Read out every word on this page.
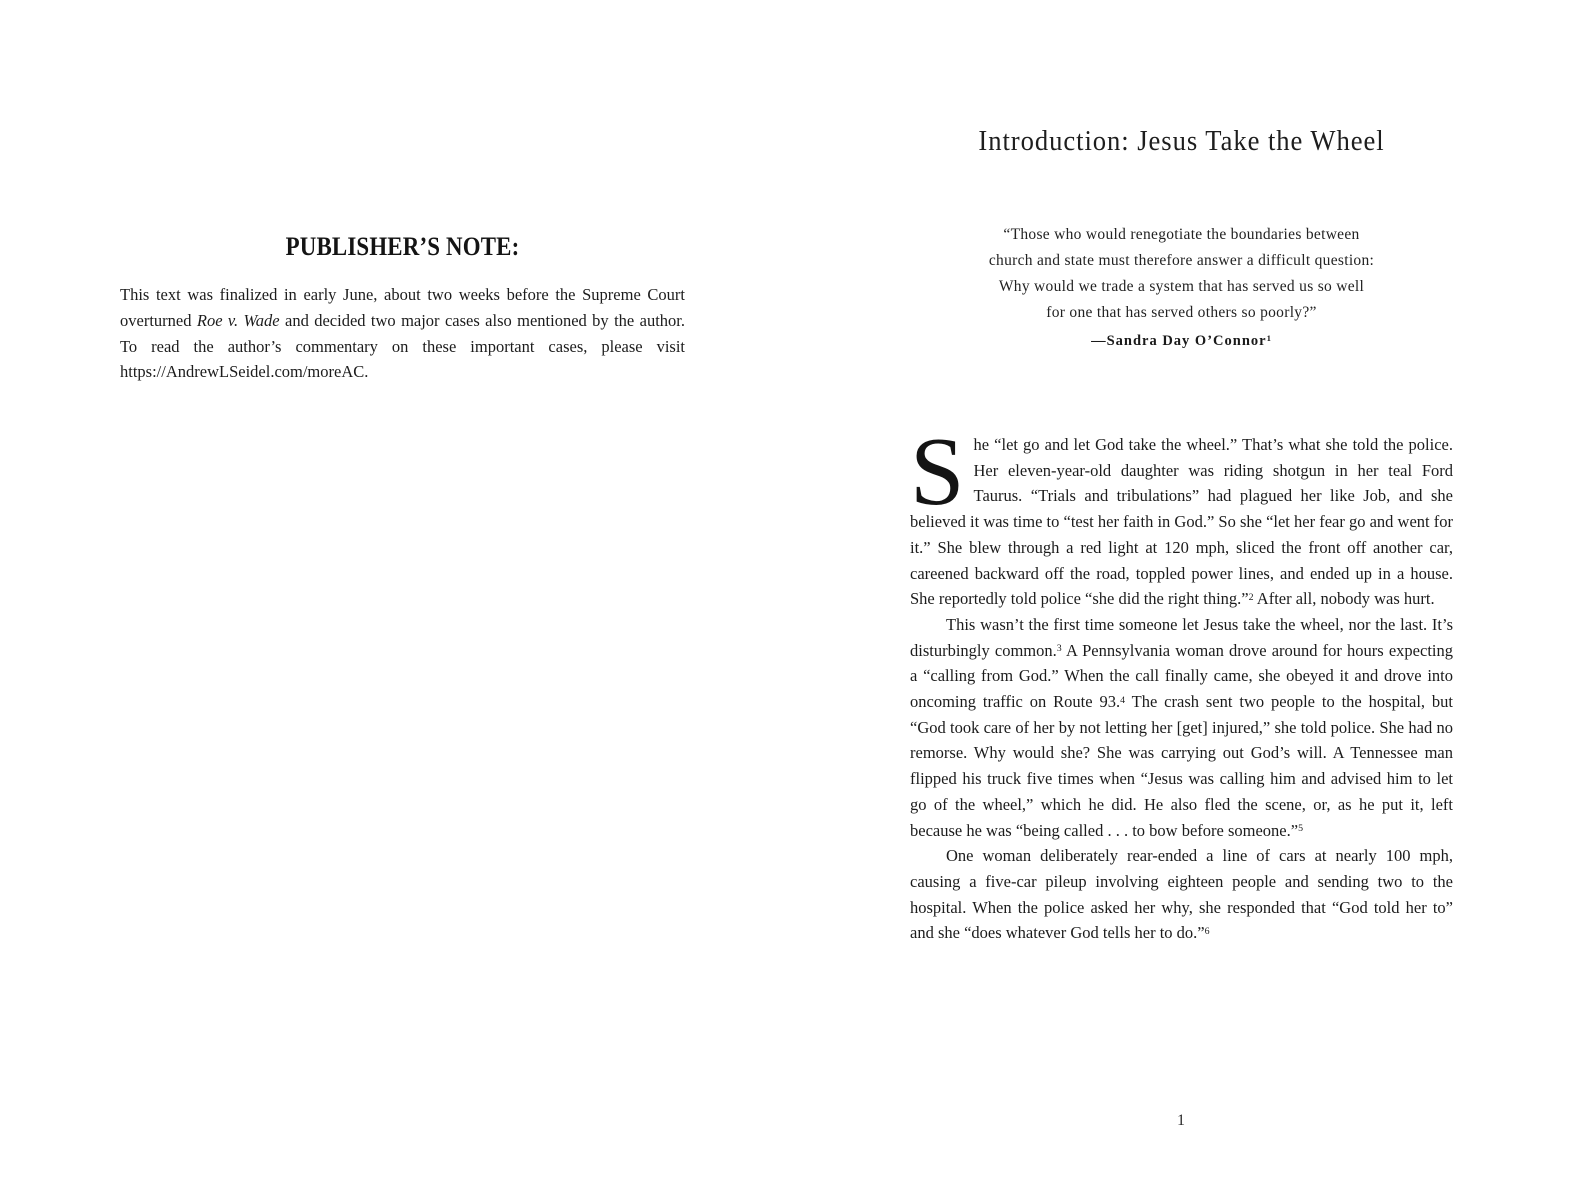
PUBLISHER’S NOTE:

This text was finalized in early June, about two weeks before the Supreme Court overturned Roe v. Wade and decided two major cases also mentioned by the author. To read the author’s commentary on these important cases, please visit https://AndrewLSeidel.com/moreAC.

Introduction: Jesus Take the Wheel
“Those who would renegotiate the boundaries between
church and state must therefore answer a difficult question:
Why would we trade a system that has served us so well
for one that has served others so poorly?”
—Sandra Day O’Connor$^1$

She “let go and let God take the wheel.” That’s what she told the police. Her eleven-year-old daughter was riding shotgun in her teal Ford Taurus. “Trials and tribulations” had plagued her like Job, and she believed it was time to “test her faith in God.” So she “let her fear go and went for it.” She blew through a red light at 120 mph, sliced the front off another car, careened backward off the road, toppled power lines, and ended up in a house. She reportedly told police “she did the right thing.”$^2$ After all, nobody was hurt.

This wasn’t the first time someone let Jesus take the wheel, nor the last. It’s disturbingly common.$^3$ A Pennsylvania woman drove around for hours expecting a “calling from God.” When the call finally came, she obeyed it and drove into oncoming traffic on Route 93.$^4$ The crash sent two people to the hospital, but “God took care of her by not letting her [get] injured,” she told police. She had no remorse. Why would she? She was carrying out God’s will. A Tennessee man flipped his truck five times when “Jesus was calling him and advised him to let go of the wheel,” which he did. He also fled the scene, or, as he put it, left because he was “being called . . . to bow before someone.”$^5$

One woman deliberately rear-ended a line of cars at nearly 100 mph, causing a five-car pileup involving eighteen people and sending two to the hospital. When the police asked her why, she responded that “God told her to” and she “does whatever God tells her to do.”$^6$

1
